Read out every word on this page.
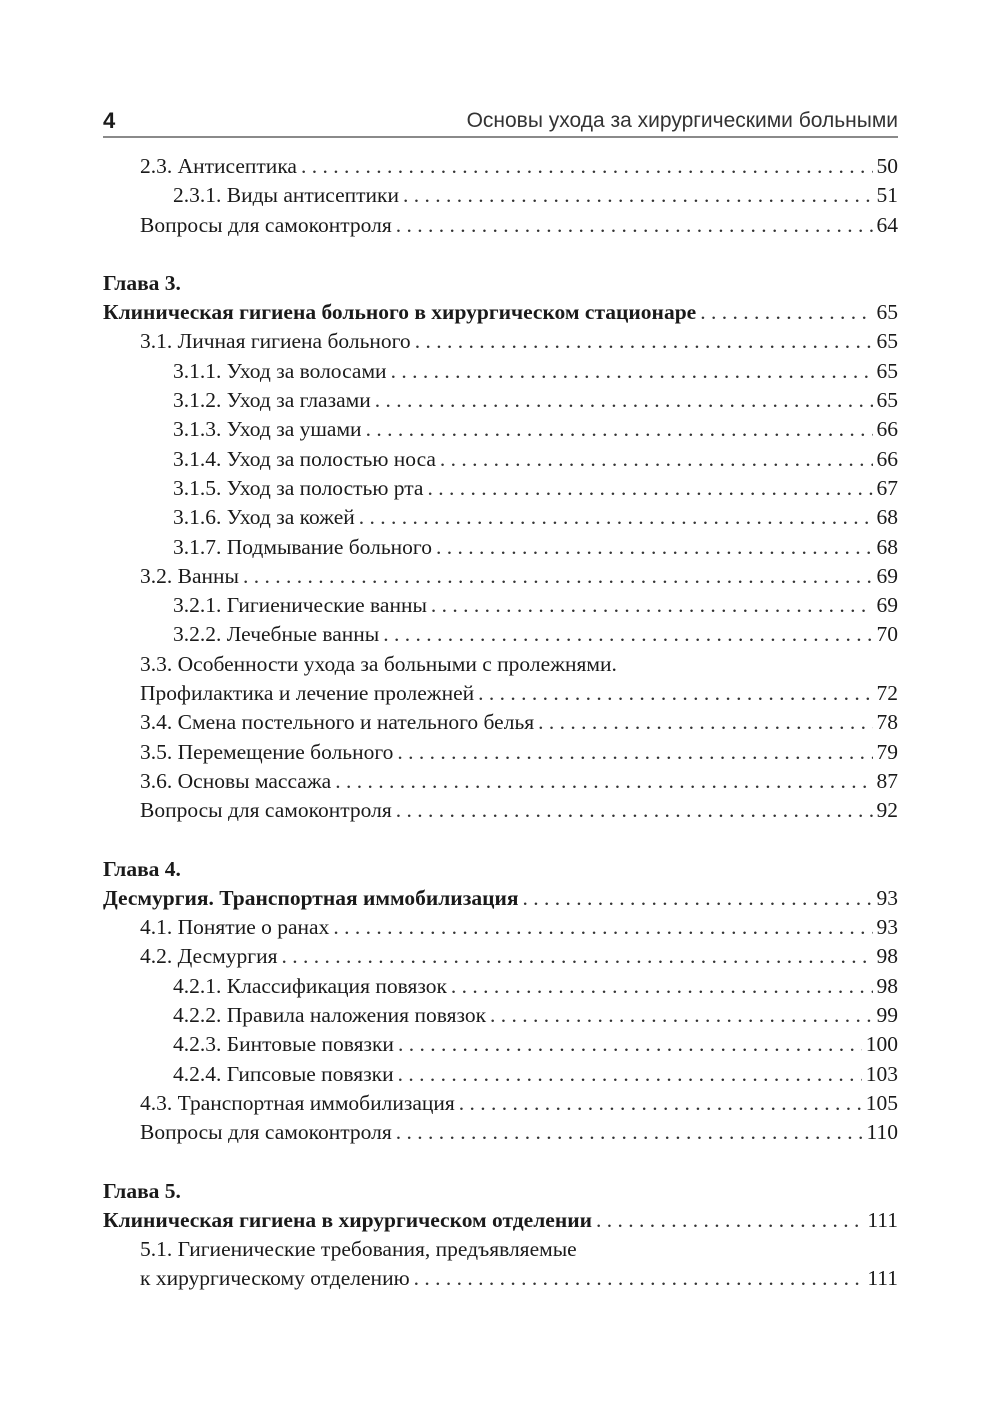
4	Основы ухода за хирургическими больными
2.3. Антисептика . . .	50
2.3.1. Виды антисептики . . .	51
Вопросы для самоконтроля . . .	64
Глава 3.
Клиническая гигиена больного в хирургическом стационаре . . .	65
3.1. Личная гигиена больного . . .	65
3.1.1. Уход за волосами . . .	65
3.1.2. Уход за глазами . . .	65
3.1.3. Уход за ушами . . .	66
3.1.4. Уход за полостью носа . . .	66
3.1.5. Уход за полостью рта . . .	67
3.1.6. Уход за кожей . . .	68
3.1.7. Подмывание больного . . .	68
3.2. Ванны . . .	69
3.2.1. Гигиенические ванны . . .	69
3.2.2. Лечебные ванны . . .	70
3.3. Особенности ухода за больными с пролежнями.
Профилактика и лечение пролежней . . .	72
3.4. Смена постельного и нательного белья . . .	78
3.5. Перемещение больного . . .	79
3.6. Основы массажа . . .	87
Вопросы для самоконтроля . . .	92
Глава 4.
Десмургия. Транспортная иммобилизация . . .	93
4.1. Понятие о ранах . . .	93
4.2. Десмургия . . .	98
4.2.1. Классификация повязок . . .	98
4.2.2. Правила наложения повязок . . .	99
4.2.3. Бинтовые повязки . . .	100
4.2.4. Гипсовые повязки . . .	103
4.3. Транспортная иммобилизация . . .	105
Вопросы для самоконтроля . . .	110
Глава 5.
Клиническая гигиена в хирургическом отделении . . .	111
5.1. Гигиенические требования, предъявляемые
к хирургическому отделению . . .	111
